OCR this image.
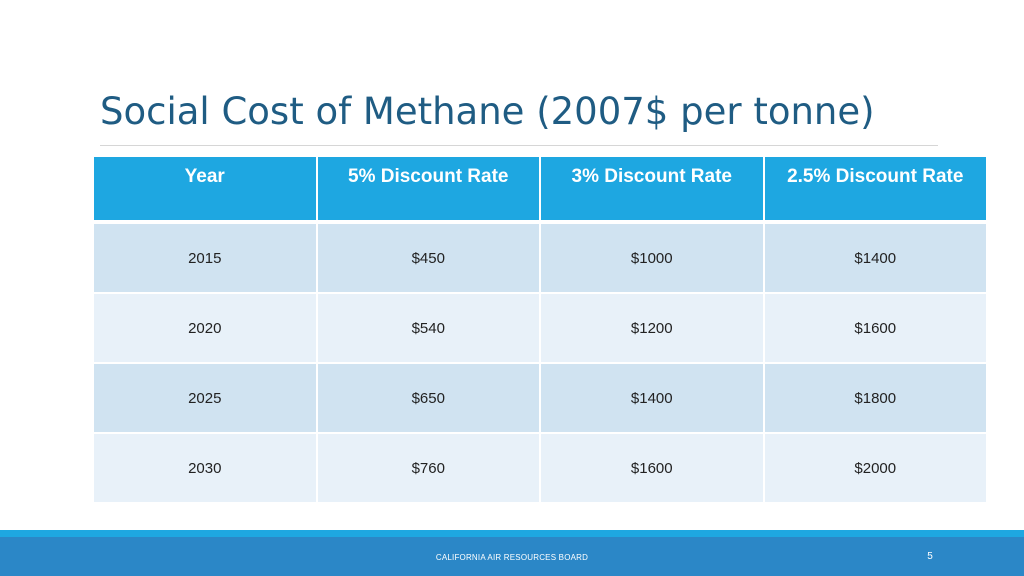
Social Cost of Methane (2007$ per tonne)
Year	5% Discount Rate	3% Discount Rate	2.5% Discount Rate
2015	$450	$1000	$1400
2020	$540	$1200	$1600
2025	$650	$1400	$1800
2030	$760	$1600	$2000
CALIFORNIA AIR RESOURCES BOARD	5
